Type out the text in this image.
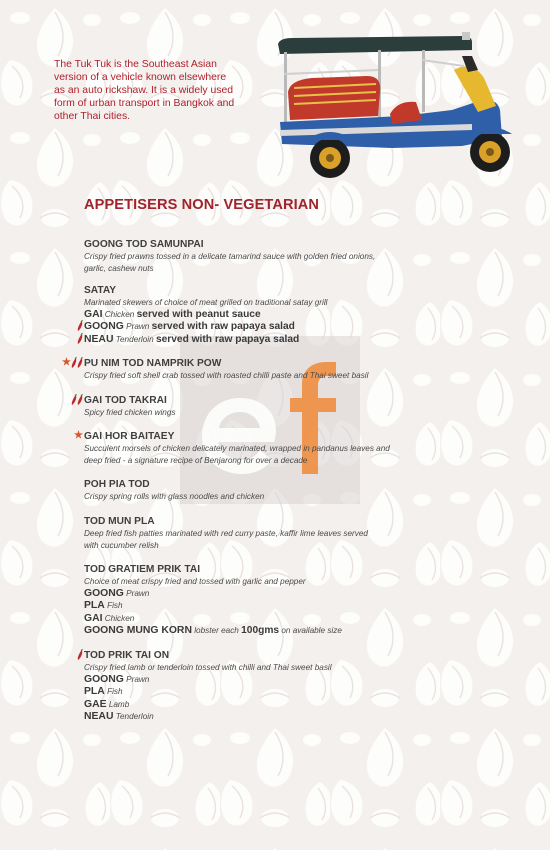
The Tuk Tuk is the Southeast Asian

version of a vehicle known elsewhere

as an auto rickshaw. It is a widely used

form of urban transport in Bangkok and

other Thai cities.

APPETISERS NON- VEGETARIAN
GOONG TOD SAMUNPAI
Crispy fried prawns tossed in a delicate tamarind sauce with golden fried onions,
garlic, cashew nuts
SATAY
Marinated skewers of choice of meat grilled on traditional satay grill
GAI Chicken served with peanut sauce
GOONG Prawn served with raw papaya salad
NEAU Tenderloin served with raw papaya salad
★ PU NIM TOD NAMPRIK POW
Crispy fried soft shell crab tossed with roasted chilli paste and Thai sweet basil
GAI TOD TAKRAI
Spicy fried chicken wings
★ GAI HOR BAITAEY
Succulent morsels of chicken delicately marinated, wrapped in pandanus leaves and
deep fried - a signature recipe of Benjarong for over a decade
POH PIA TOD
Crispy spring rolls with glass noodles and chicken
TOD MUN PLA
Deep fried fish patties marinated with red curry paste, kaffir lime leaves served
with cucumber relish
TOD GRATIEM PRIK TAI
Choice of meat crispy fried and tossed with garlic and pepper
GOONG Prawn
PLA Fish
GAI Chicken
GOONG MUNG KORN lobster each 100gms on available size
TOD PRIK TAI ON
Crispy fried lamb or tenderloin tossed with chilli and Thai sweet basil
GOONG Prawn
PLA Fish
GAE Lamb
NEAU Tenderloin
